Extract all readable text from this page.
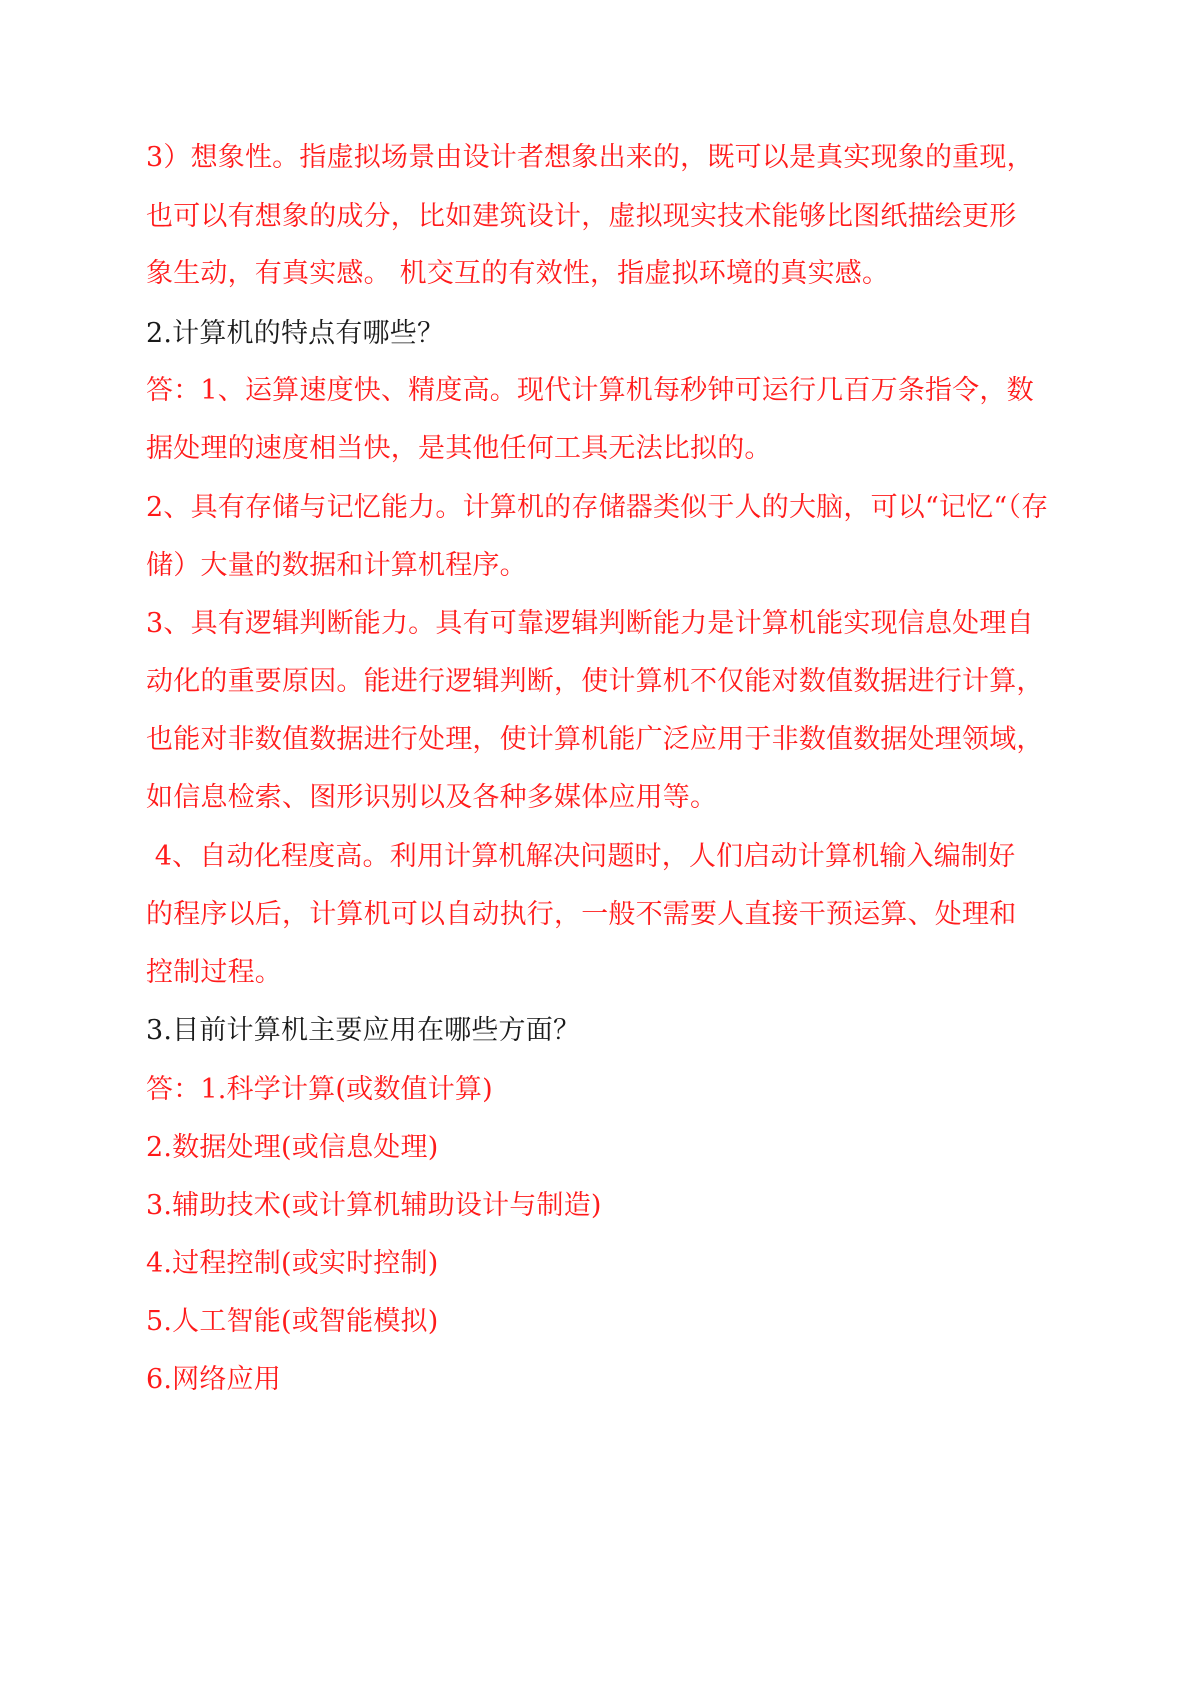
3）想象性。指虚拟场景由设计者想象出来的，既可以是真实现象的重现，
也可以有想象的成分，比如建筑设计，虚拟现实技术能够比图纸描绘更形
象生动，有真实感。 机交互的有效性，指虚拟环境的真实感。
2.计算机的特点有哪些？
答：1、运算速度快、精度高。现代计算机每秒钟可运行几百万条指令，数
据处理的速度相当快，是其他任何工具无法比拟的。
2、具有存储与记忆能力。计算机的存储器类似于人的大脑，可以“记忆“（存
储）大量的数据和计算机程序。
3、具有逻辑判断能力。具有可靠逻辑判断能力是计算机能实现信息处理自
动化的重要原因。能进行逻辑判断，使计算机不仅能对数值数据进行计算，
也能对非数值数据进行处理，使计算机能广泛应用于非数值数据处理领域，
如信息检索、图形识别以及各种多媒体应用等。
4、自动化程度高。利用计算机解决问题时，人们启动计算机输入编制好
的程序以后，计算机可以自动执行，一般不需要人直接干预运算、处理和
控制过程。
3.目前计算机主要应用在哪些方面？
答：1.科学计算(或数值计算)
2.数据处理(或信息处理)
3.辅助技术(或计算机辅助设计与制造)
4.过程控制(或实时控制)
5.人工智能(或智能模拟)
6.网络应用
